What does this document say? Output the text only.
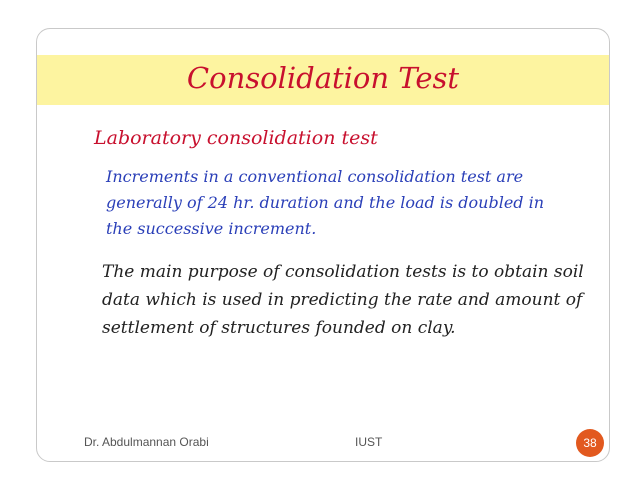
Consolidation Test
Laboratory consolidation test
Increments in a conventional consolidation test are
generally of 24 hr. duration and the load is doubled in
the successive increment.
The main purpose of consolidation tests is to obtain soil
data which is used in predicting the rate and amount of
settlement of structures founded on clay.
Dr. Abdulmannan Orabi	IUST	38
